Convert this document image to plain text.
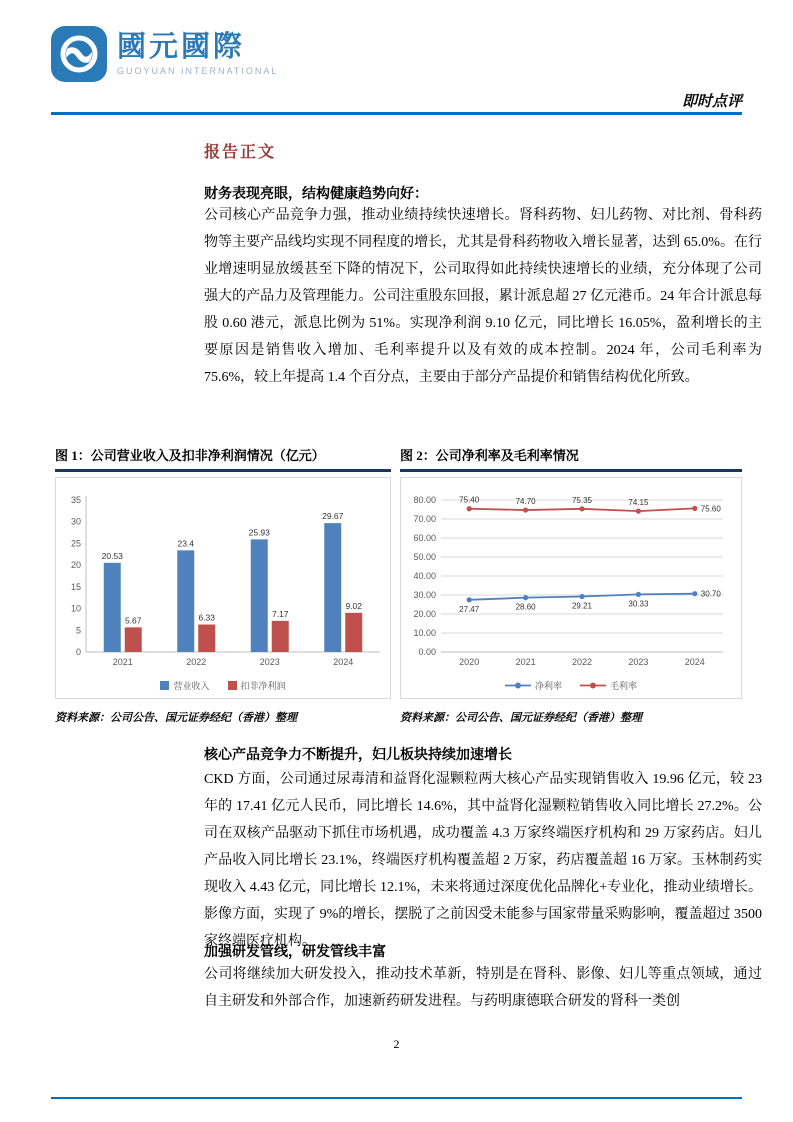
國元國際
GUOYUAN INTERNATIONAL
即时点评
报告正文
财务表现亮眼，结构健康趋势向好：
公司核心产品竞争力强，推动业绩持续快速增长。肾科药物、妇儿药物、对比剂、骨科药物等主要产品线均实现不同程度的增长，尤其是骨科药物收入增长显著，达到 65.0%。在行业增速明显放缓甚至下降的情况下，公司取得如此持续快速增长的业绩，充分体现了公司强大的产品力及管理能力。公司注重股东回报，累计派息超 27 亿元港币。24 年合计派息每股 0.60 港元，派息比例为 51%。实现净利润 9.10 亿元，同比增长 16.05%，盈利增长的主要原因是销售收入增加、毛利率提升以及有效的成本控制。2024 年，公司毛利率为 75.6%，较上年提高 1.4 个百分点，主要由于部分产品提价和销售结构优化所致。
图 1：公司营业收入及扣非净利润情况（亿元）
0
5
10
15
20
25
30
35
2021	2022	2023	2024
20.53
23.4
25.93
29.67
5.67	6.33	7.17
9.02
营业收入	扣非净利润
资料来源：公司公告、国元证券经纪（香港）整理
图 2：公司净利率及毛利率情况
0.00
10.00
20.00
30.00
40.00
50.00
60.00
70.00
80.00
2020	2021	2022	2023	2024
27.47	28.60	29.21	30.33
30.70
75.40	74.70	75.35	74.15
75.60
净利率	毛利率
资料来源：公司公告、国元证券经纪（香港）整理
核心产品竞争力不断提升，妇儿板块持续加速增长
CKD 方面，公司通过尿毒清和益肾化湿颗粒两大核心产品实现销售收入 19.96 亿元，较 23 年的 17.41 亿元人民币，同比增长 14.6%，其中益肾化湿颗粒销售收入同比增长 27.2%。公司在双核产品驱动下抓住市场机遇，成功覆盖 4.3 万家终端医疗机构和 29 万家药店。妇儿产品收入同比增长 23.1%，终端医疗机构覆盖超 2 万家，药店覆盖超 16 万家。玉林制药实现收入 4.43 亿元，同比增长 12.1%，未来将通过深度优化品牌化+专业化，推动业绩增长。影像方面，实现了 9%的增长，摆脱了之前因受未能参与国家带量采购影响，覆盖超过 3500 家终端医疗机构。
加强研发管线，研发管线丰富
公司将继续加大研发投入，推动技术革新，特别是在肾科、影像、妇儿等重点领域，通过自主研发和外部合作，加速新药研发进程。与药明康德联合研发的肾科一类创
2
